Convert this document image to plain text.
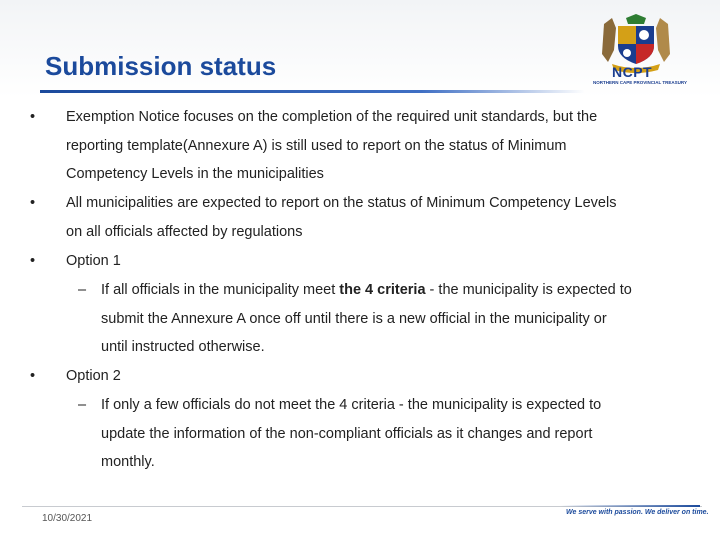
Submission status	NCPT
NORTHERN CAPE PROVINCIAL TREASURY
• Exemption Notice focuses on the completion of the required unit standards, but the
reporting template(Annexure A) is still used to report on the status of Minimum
Competency Levels in the municipalities
• All municipalities are expected to report on the status of Minimum Competency Levels
on all officials affected by regulations
• Option 1
– If all officials in the municipality meet the 4 criteria - the municipality is expected to
submit the Annexure A once off until there is a new official in the municipality or
until instructed otherwise.
• Option 2
– If only a few officials do not meet the 4 criteria - the municipality is expected to
update the information of the non-compliant officials as it changes and report
monthly.
10/30/2021
We serve with passion. We deliver on time.
